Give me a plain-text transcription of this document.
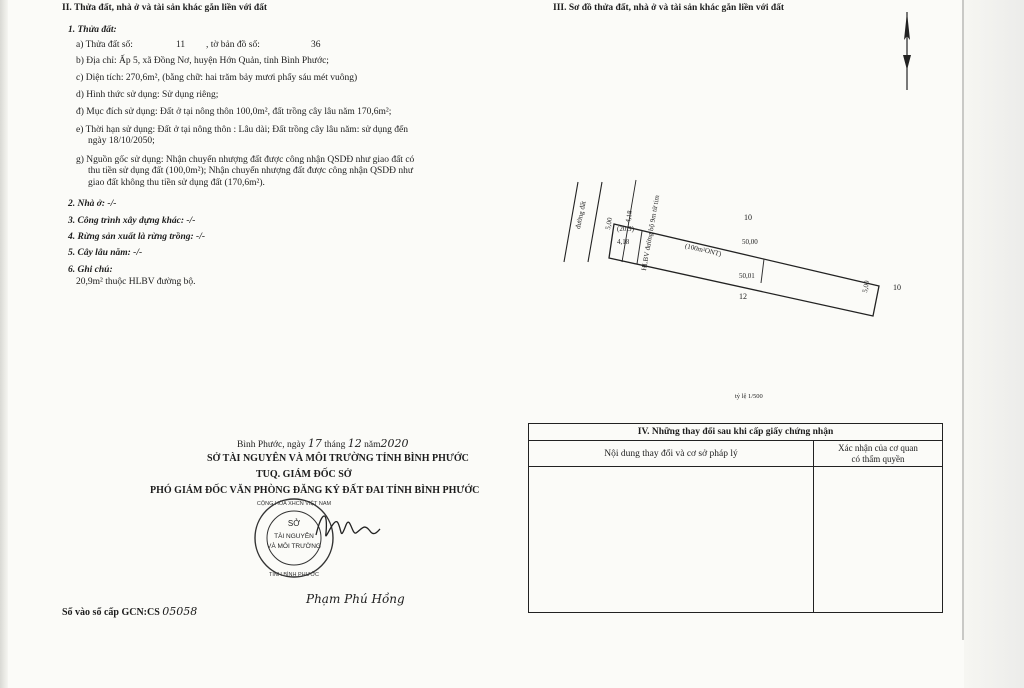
II. Thửa đất, nhà ở và tài sản khác gắn liền với đất
1. Thửa đất:
a) Thửa đất số:	11 , tờ bản đồ số:	36
b) Địa chỉ: Ấp 5, xã Đồng Nơ, huyện Hớn Quản, tỉnh Bình Phước;
c) Diện tích: 270,6m², (bằng chữ: hai trăm bảy mươi phẩy sáu mét vuông)
d) Hình thức sử dụng: Sử dụng riêng;
đ) Mục đích sử dụng: Đất ở tại nông thôn 100,0m², đất trồng cây lâu năm 170,6m²;
e) Thời hạn sử dụng: Đất ở tại nông thôn : Lâu dài; Đất trồng cây lâu năm: sử dụng đến
ngày 18/10/2050;
g) Nguồn gốc sử dụng: Nhận chuyển nhượng đất được công nhận QSDĐ như giao đất có
thu tiền sử dụng đất (100,0m²); Nhận chuyển nhượng đất được công nhận QSDĐ như
giao đất không thu tiền sử dụng đất (170,6m²).
2. Nhà ở: -/-
3. Công trình xây dựng khác: -/-
4. Rừng sản xuất là rừng trồng: -/-
5. Cây lâu năm: -/-
6. Ghi chú:
20,9m² thuộc HLBV đường bộ.
III. Sơ đồ thửa đất, nhà ở và tài sản khác gắn liền với đất
đường đất	HLBV đường bộ 9m từ tim	10
12
10
5,00
4,18
4,18	50,00
50,01
5,00
(20,9)
(100m²ONT)
tỷ lệ 1/500
Bình Phước, ngày 17 tháng 12 năm2020
SỞ TÀI NGUYÊN VÀ MÔI TRƯỜNG TỈNH BÌNH PHƯỚC
TUQ. GIÁM ĐỐC SỞ
PHÓ GIÁM ĐỐC VĂN PHÒNG ĐĂNG KÝ ĐẤT ĐAI TỈNH BÌNH PHƯỚC
CỘNG HÒA XHCN VIỆT NAM
TỈNH BÌNH PHƯỚC
SỞ
TÀI NGUYÊN
VÀ MÔI TRƯỜNG
Phạm Phú Hồng
Số vào sổ cấp GCN:CS 05058
IV. Những thay đổi sau khi cấp giấy chứng nhận	
Nội dung thay đổi và cơ sở pháp lý	Xác nhận của cơ quan
có thẩm quyền
